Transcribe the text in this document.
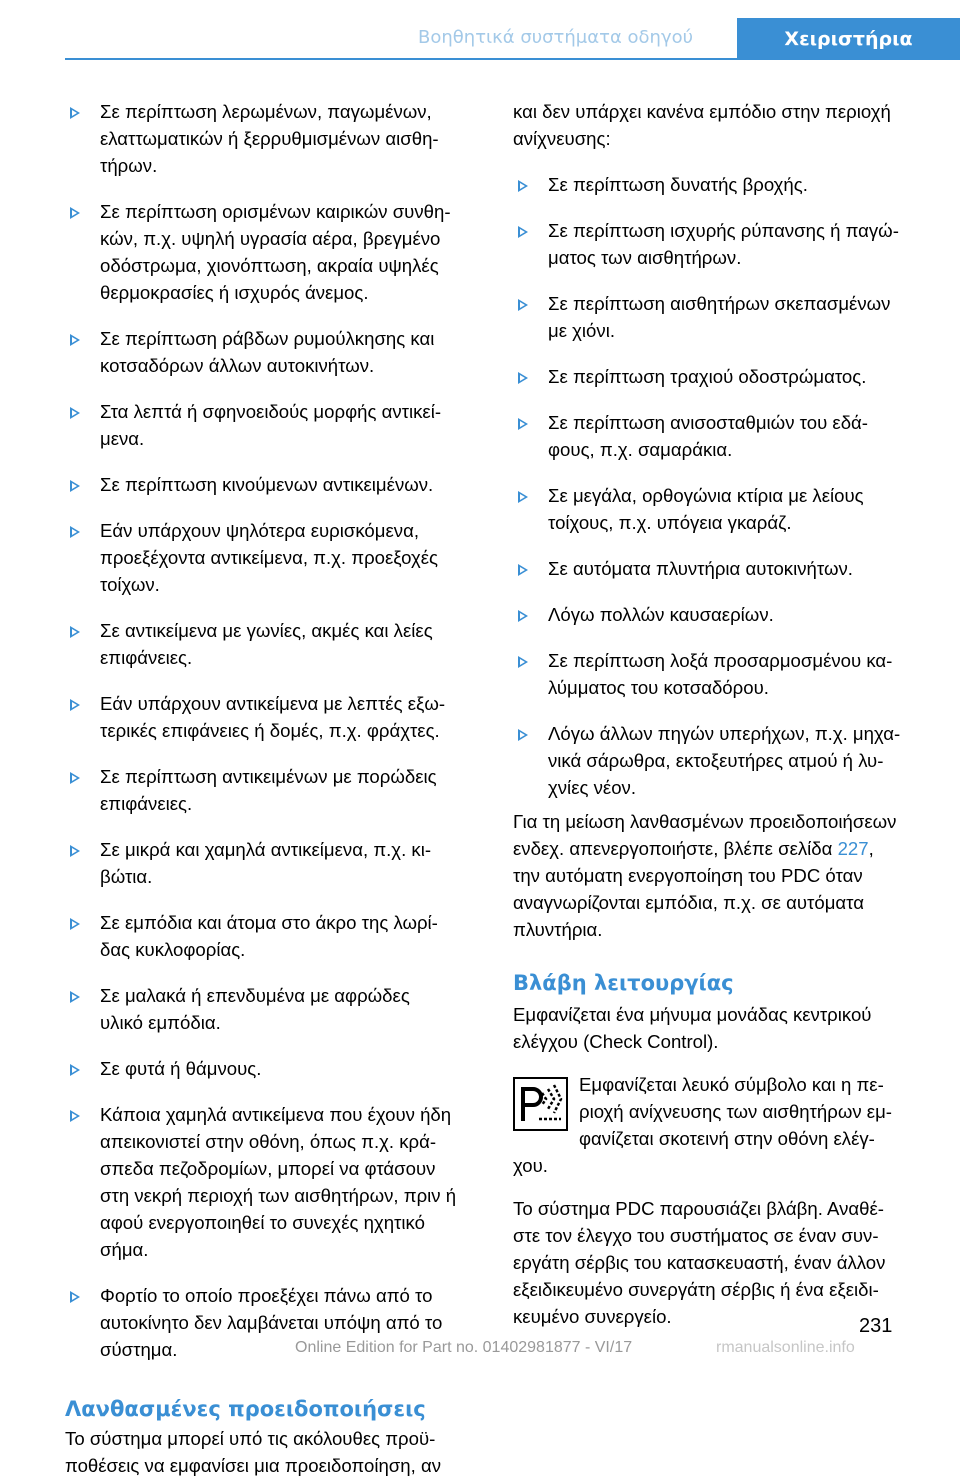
Βοηθητικά συστήματα οδηγού	Χειριστήρια
Σε περίπτωση λερωμένων, παγωμένων,
ελαττωματικών ή ξερρυθμισμένων αισθη-
τήρων.
Σε περίπτωση ορισμένων καιρικών συνθη-
κών, π.χ. υψηλή υγρασία αέρα, βρεγμένο
οδόστρωμα, χιονόπτωση, ακραία υψηλές
θερμοκρασίες ή ισχυρός άνεμος.
Σε περίπτωση ράβδων ρυμούλκησης και
κοτσαδόρων άλλων αυτοκινήτων.
Στα λεπτά ή σφηνοειδούς μορφής αντικεί-
μενα.
Σε περίπτωση κινούμενων αντικειμένων.
Εάν υπάρχουν ψηλότερα ευρισκόμενα,
προεξέχοντα αντικείμενα, π.χ. προεξοχές
τοίχων.
Σε αντικείμενα με γωνίες, ακμές και λείες
επιφάνειες.
Εάν υπάρχουν αντικείμενα με λεπτές εξω-
τερικές επιφάνειες ή δομές, π.χ. φράχτες.
Σε περίπτωση αντικειμένων με πορώδεις
επιφάνειες.
Σε μικρά και χαμηλά αντικείμενα, π.χ. κι-
βώτια.
Σε εμπόδια και άτομα στο άκρο της λωρί-
δας κυκλοφορίας.
Σε μαλακά ή επενδυμένα με αφρώδες
υλικό εμπόδια.
Σε φυτά ή θάμνους.
Κάποια χαμηλά αντικείμενα που έχουν ήδη
απεικονιστεί στην οθόνη, όπως π.χ. κρά-
σπεδα πεζοδρομίων, μπορεί να φτάσουν
στη νεκρή περιοχή των αισθητήρων, πριν ή
αφού ενεργοποιηθεί το συνεχές ηχητικό
σήμα.
Φορτίο το οποίο προεξέχει πάνω από το
αυτοκίνητο δεν λαμβάνεται υπόψη από το
σύστημα.
Λανθασμένες προειδοποιήσεις
Το σύστημα μπορεί υπό τις ακόλουθες προϋ-
ποθέσεις να εμφανίσει μια προειδοποίηση, αν
και δεν υπάρχει κανένα εμπόδιο στην περιοχή
ανίχνευσης:
Σε περίπτωση δυνατής βροχής.
Σε περίπτωση ισχυρής ρύπανσης ή παγώ-
ματος των αισθητήρων.
Σε περίπτωση αισθητήρων σκεπασμένων
με χιόνι.
Σε περίπτωση τραχιού οδοστρώματος.
Σε περίπτωση ανισοσταθμιών του εδά-
φους, π.χ. σαμαράκια.
Σε μεγάλα, ορθογώνια κτίρια με λείους
τοίχους, π.χ. υπόγεια γκαράζ.
Σε αυτόματα πλυντήρια αυτοκινήτων.
Λόγω πολλών καυσαερίων.
Σε περίπτωση λοξά προσαρμοσμένου κα-
λύμματος του κοτσαδόρου.
Λόγω άλλων πηγών υπερήχων, π.χ. μηχα-
νικά σάρωθρα, εκτοξευτήρες ατμού ή λυ-
χνίες νέον.
Για τη μείωση λανθασμένων προειδοποιήσεων
ενδεχ. απενεργοποιήστε, βλέπε σελίδα 227,
την αυτόματη ενεργοποίηση του PDC όταν
αναγνωρίζονται εμπόδια, π.χ. σε αυτόματα
πλυντήρια.
Βλάβη λειτουργίας
Εμφανίζεται ένα μήνυμα μονάδας κεντρικού
ελέγχου (Check Control).
Εμφανίζεται λευκό σύμβολο και η πε-
ριοχή ανίχνευσης των αισθητήρων εμ-
φανίζεται σκοτεινή στην οθόνη ελέγ-
χου.
Το σύστημα PDC παρουσιάζει βλάβη. Αναθέ-
στε τον έλεγχο του συστήματος σε έναν συν-
εργάτη σέρβις του κατασκευαστή, έναν άλλον
εξειδικευμένο συνεργάτη σέρβις ή ένα εξειδι-
κευμένο συνεργείο.	231
Online Edition for Part no. 01402981877 - VI/17	rmanualsonline.info
